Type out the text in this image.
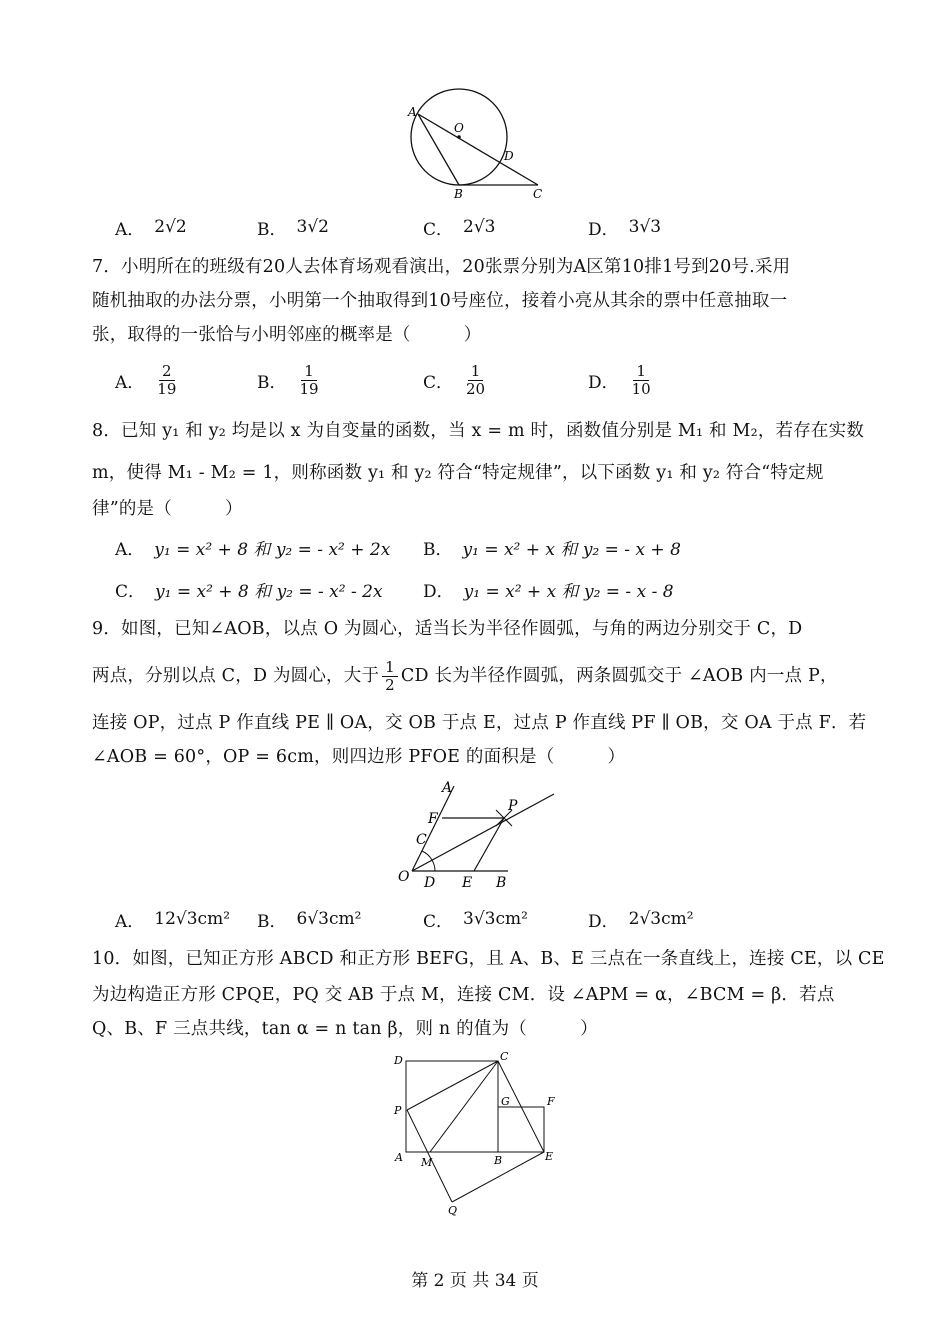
A
O
D
B	C
A． 2√2	B． 3√2	C． 2√3	D． 3√3
7．小明所在的班级有20人去体育场观看演出，20张票分别为A区第10排1号到20号.采用
随机抽取的办法分票，小明第一个抽取得到10号座位，接着小亮从其余的票中任意抽取一
张，取得的一张恰与小明邻座的概率是（　　　）
A． $\frac{2}{19}$	B． $\frac{1}{19}$	C． $\frac{1}{20}$	D． $\frac{1}{10}$
8．已知 y₁ 和 y₂ 均是以 x 为自变量的函数，当 x = m 时，函数值分别是 M₁ 和 M₂，若存在实数
m，使得 M₁ - M₂ = 1，则称函数 y₁ 和 y₂ 符合“特定规律”，以下函数 y₁ 和 y₂ 符合“特定规
律”的是（　　　）
A． y₁ = x² + 8 和 y₂ = - x² + 2x B． y₁ = x² + x 和 y₂ = - x + 8
C． y₁ = x² + 8 和 y₂ = - x² - 2x D． y₁ = x² + x 和 y₂ = - x - 8
9．如图，已知∠AOB，以点 O 为圆心，适当长为半径作圆弧，与角的两边分别交于 C，D
两点，分别以点 C，D 为圆心，大于 $\frac{1}{2}$ CD 长为半径作圆弧，两条圆弧交于 ∠AOB 内一点 P，
连接 OP，过点 P 作直线 PE ∥ OA，交 OB 于点 E，过点 P 作直线 PF ∥ OB，交 OA 于点 F．若
∠AOB = 60°，OP = 6cm，则四边形 PFOE 的面积是（　　　）
A
F
P
C
O D E B
A． 12√3cm² B． 6√3cm²	C． 3√3cm²	D． 2√3cm²
10．如图，已知正方形 ABCD 和正方形 BEFG，且 A、B、E 三点在一条直线上，连接 CE，以 CE
为边构造正方形 CPQE，PQ 交 AB 于点 M，连接 CM．设 ∠APM = α，∠BCM = β．若点
Q、B、F 三点共线，tan α = n tan β，则 n 的值为（　　　）
D	C
G	F
P
A M	B	E
Q
第 2 页 共 34 页
